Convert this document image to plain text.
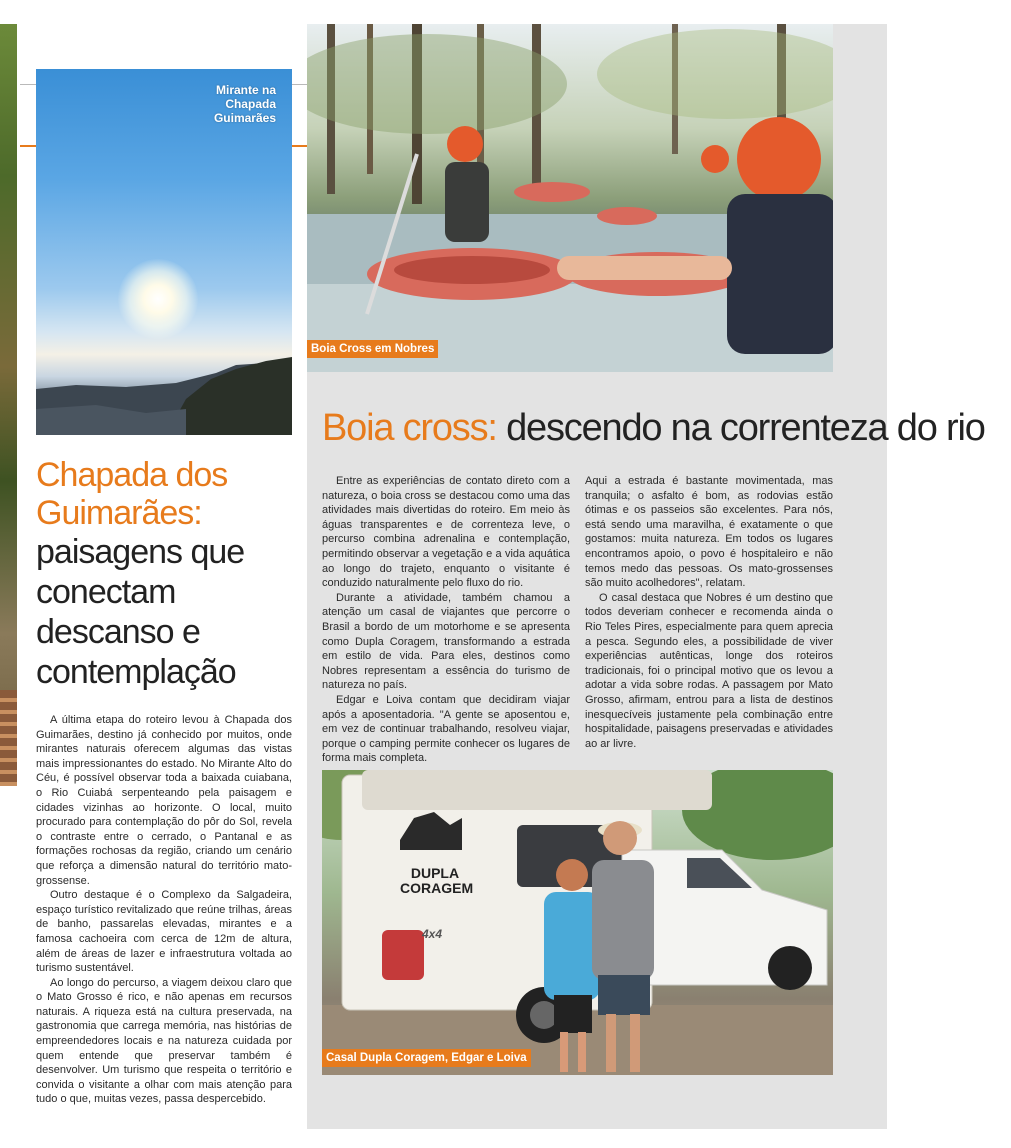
Mirante na
Chapada
Guimarães
Chapada dos
Guimarães:
paisagens que
conectam descanso e
contemplação

A última etapa do roteiro levou à Chapada dos Guimarães, destino já conhecido por muitos, onde mirantes naturais oferecem algumas das vistas mais impressionantes do estado. No Mirante Alto do Céu, é possível observar toda a baixada cuiabana, o Rio Cuiabá serpenteando pela paisagem e cidades vizinhas ao horizonte. O local, muito procurado para contemplação do pôr do Sol, revela o contraste entre o cerrado, o Pantanal e as formações rochosas da região, criando um cenário que reforça a dimensão natural do território mato-grossense.

Outro destaque é o Complexo da Salgadeira, espaço turístico revitalizado que reúne trilhas, áreas de banho, passarelas elevadas, mirantes e a famosa cachoeira com cerca de 12m de altura, além de áreas de lazer e infraestrutura voltada ao turismo sustentável.

Ao longo do percurso, a viagem deixou claro que o Mato Grosso é rico, e não apenas em recursos naturais. A riqueza está na cultura preservada, na gastronomia que carrega memória, nas histórias de empreendedores locais e na natureza cuidada por quem entende que preservar também é desenvolver. Um turismo que respeita o território e convida o visitante a olhar com mais atenção para tudo o que, muitas vezes, passa despercebido.

Boia Cross em Nobres
Boia cross: descendo na correnteza do rio

Entre as experiências de contato direto com a natureza, o boia cross se destacou como uma das atividades mais divertidas do roteiro. Em meio às águas transparentes e de correnteza leve, o percurso combina adrenalina e contemplação, permitindo observar a vegetação e a vida aquática ao longo do trajeto, enquanto o visitante é conduzido naturalmente pelo fluxo do rio.

Durante a atividade, também chamou a atenção um casal de viajantes que percorre o Brasil a bordo de um motorhome e se apresenta como Dupla Coragem, transformando a estrada em estilo de vida. Para eles, destinos como Nobres representam a essência do turismo de natureza no país.

Edgar e Loiva contam que decidiram viajar após a aposentadoria. "A gente se aposentou e, em vez de continuar trabalhando, resolveu viajar, porque o camping permite conhecer os lugares de forma mais completa.

Aqui a estrada é bastante movimentada, mas tranquila; o asfalto é bom, as rodovias estão ótimas e os passeios são excelentes. Para nós, está sendo uma maravilha, é exatamente o que gostamos: muita natureza. Em todos os lugares encontramos apoio, o povo é hospitaleiro e não temos medo das pessoas. Os mato-grossenses são muito acolhedores", relatam.

O casal destaca que Nobres é um destino que todos deveriam conhecer e recomenda ainda o Rio Teles Pires, especialmente para quem aprecia a pesca. Segundo eles, a possibilidade de viver experiências autênticas, longe dos roteiros tradicionais, foi o principal motivo que os levou a adotar a vida sobre rodas. A passagem por Mato Grosso, afirmam, entrou para a lista de destinos inesquecíveis justamente pela combinação entre hospitalidade, paisagens preservadas e atividades ao ar livre.

DUPLA
CORAGEM
4x4
Casal Dupla Coragem, Edgar e Loiva
